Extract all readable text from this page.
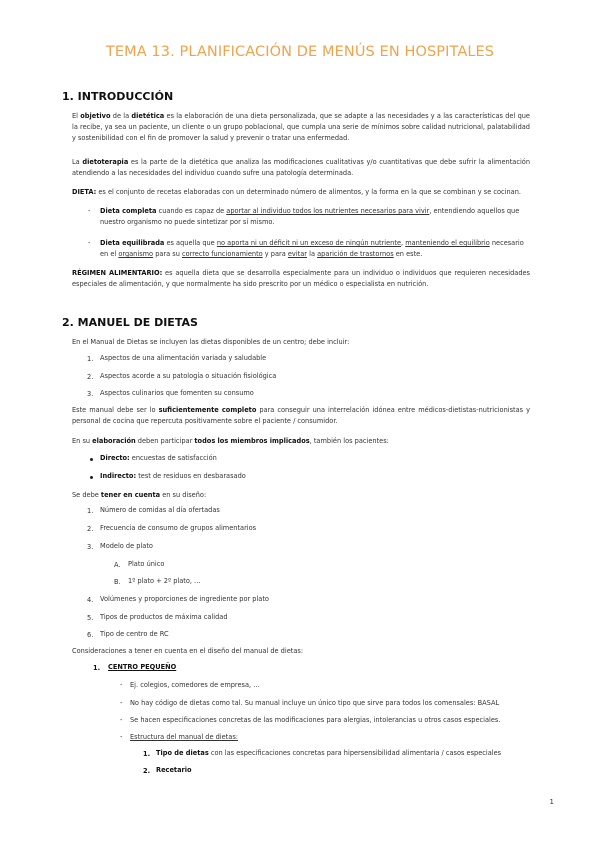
TEMA 13. PLANIFICACIÓN DE MENÚS EN HOSPITALES
1. INTRODUCCIÓN

El objetivo de la dietética es la elaboración de una dieta personalizada, que se adapte a las necesidades y a las características del que la recibe, ya sea un paciente, un cliente o un grupo poblacional, que cumpla una serie de mínimos sobre calidad nutricional, palatabilidad y sostenibilidad con el fin de promover la salud y prevenir o tratar una enfermedad.

La dietoterapia es la parte de la dietética que analiza las modificaciones cualitativas y/o cuantitativas que debe sufrir la alimentación atendiendo a las necesidades del individuo cuando sufre una patología determinada.

DIETA: es el conjunto de recetas elaboradas con un determinado número de alimentos, y la forma en la que se combinan y se cocinan.

- Dieta completa cuando es capaz de aportar al individuo todos los nutrientes necesarios para vivir, entendiendo aquellos que
nuestro organismo no puede sintetizar por sí mismo.

- Dieta equilibrada es aquella que no aporta ni un déficit ni un exceso de ningún nutriente, manteniendo el equilibrio necesario
en el organismo para su correcto funcionamiento y para evitar la aparición de trastornos en este.

RÉGIMEN ALIMENTARIO: es aquella dieta que se desarrolla especialmente para un individuo o individuos que requieren necesidades especiales de alimentación, y que normalmente ha sido prescrito por un médico o especialista en nutrición.

2. MANUEL DE DIETAS

En el Manual de Dietas se incluyen las dietas disponibles de un centro; debe incluir:

1. Aspectos de una alimentación variada y saludable

2. Aspectos acorde a su patología o situación fisiológica

3. Aspectos culinarios que fomenten su consumo

Este manual debe ser lo suficientemente completo para conseguir una interrelación idónea entre médicos-dietistas-nutricionistas y personal de cocina que repercuta positivamente sobre el paciente / consumidor.

En su elaboración deben participar todos los miembros implicados, también los pacientes:

Directo: encuestas de satisfacción

Indirecto: test de residuos en desbarasado

Se debe tener en cuenta en su diseño:

1. Número de comidas al día ofertadas

2. Frecuencia de consumo de grupos alimentarios

3. Modelo de plato

A. Plato único

B. 1º plato + 2º plato, …

4. Volúmenes y proporciones de ingrediente por plato

5. Tipos de productos de máxima calidad

6. Tipo de centro de RC

Consideraciones a tener en cuenta en el diseño del manual de dietas:

1. CENTRO PEQUEÑO

- Ej. colegios, comedores de empresa, …

- No hay código de dietas como tal. Su manual incluye un único tipo que sirve para todos los comensales: BASAL

- Se hacen especificaciones concretas de las modificaciones para alergias, intolerancias u otros casos especiales.

- Estructura del manual de dietas:

1. Tipo de dietas con las especificaciones concretas para hipersensibilidad alimentaria / casos especiales

2. Recetario

1
